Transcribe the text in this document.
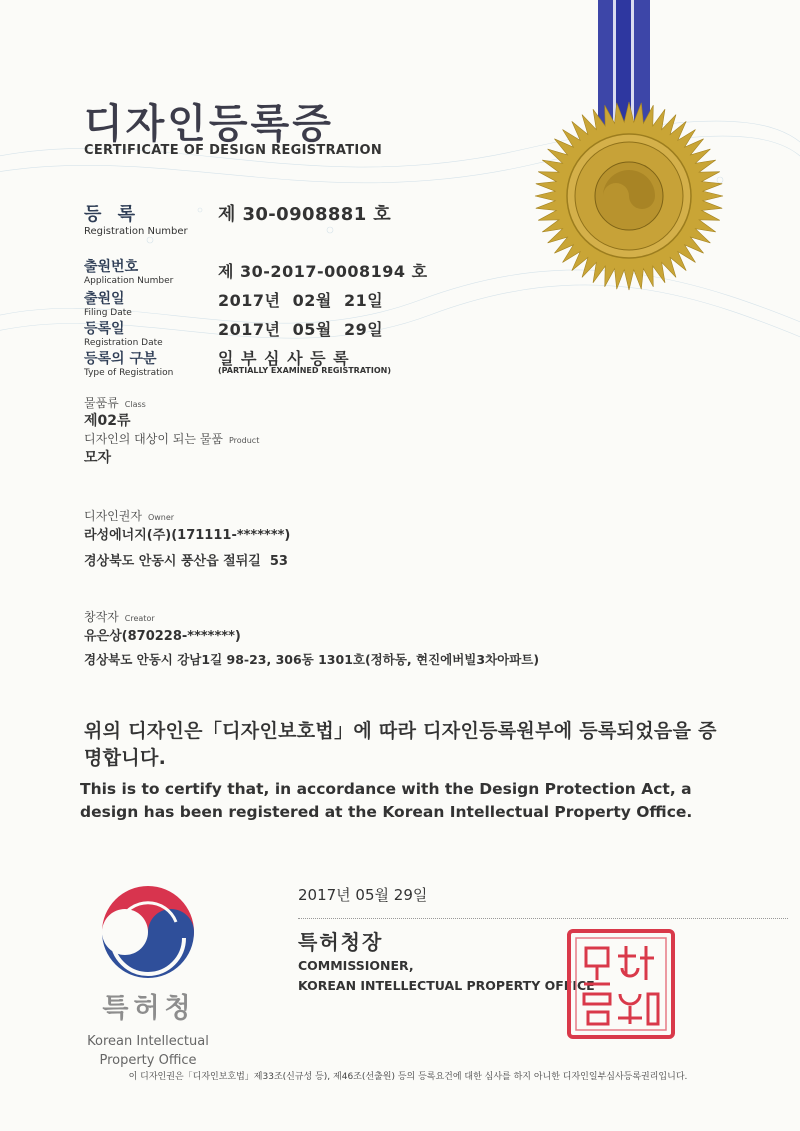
디자인등록증
CERTIFICATE OF DESIGN REGISTRATION
등 록
Registration Number
제 30-0908881 호
출원번호
Application Number	제 30-2017-0008194 호
출원일
Filing Date
2017년  02월  21일
등록일
Registration Date
2017년  05월  29일
등록의 구분
Type of Registration
일 부 심 사 등 록
(PARTIALLY EXAMINED REGISTRATION)
물품류 Class
제02류
디자인의 대상이 되는 물품 Product
모자
디자인권자 Owner
라성에너지(주)(171111-*******)
경상북도 안동시 풍산읍 절뒤길  53
창작자 Creator
유은상(870228-*******)
경상북도 안동시 강남1길 98-23, 306동 1301호(정하동, 현진에버빌3차아파트)
위의 디자인은「디자인보호법」에 따라 디자인등록원부에 등록되었음을 증명합니다.
This is to certify that, in accordance with the Design Protection Act, a design has been registered at the Korean Intellectual Property Office.
2017년 05월 29일
특허청장
COMMISSIONER,
KOREAN INTELLECTUAL PROPERTY OFFICE
특허청
Korean Intellectual
Property Office
이 디자인권은「디자인보호법」제33조(신규성 등), 제46조(선출원) 등의 등록요건에 대한 심사를 하지 아니한 디자인일부심사등록권리입니다.
